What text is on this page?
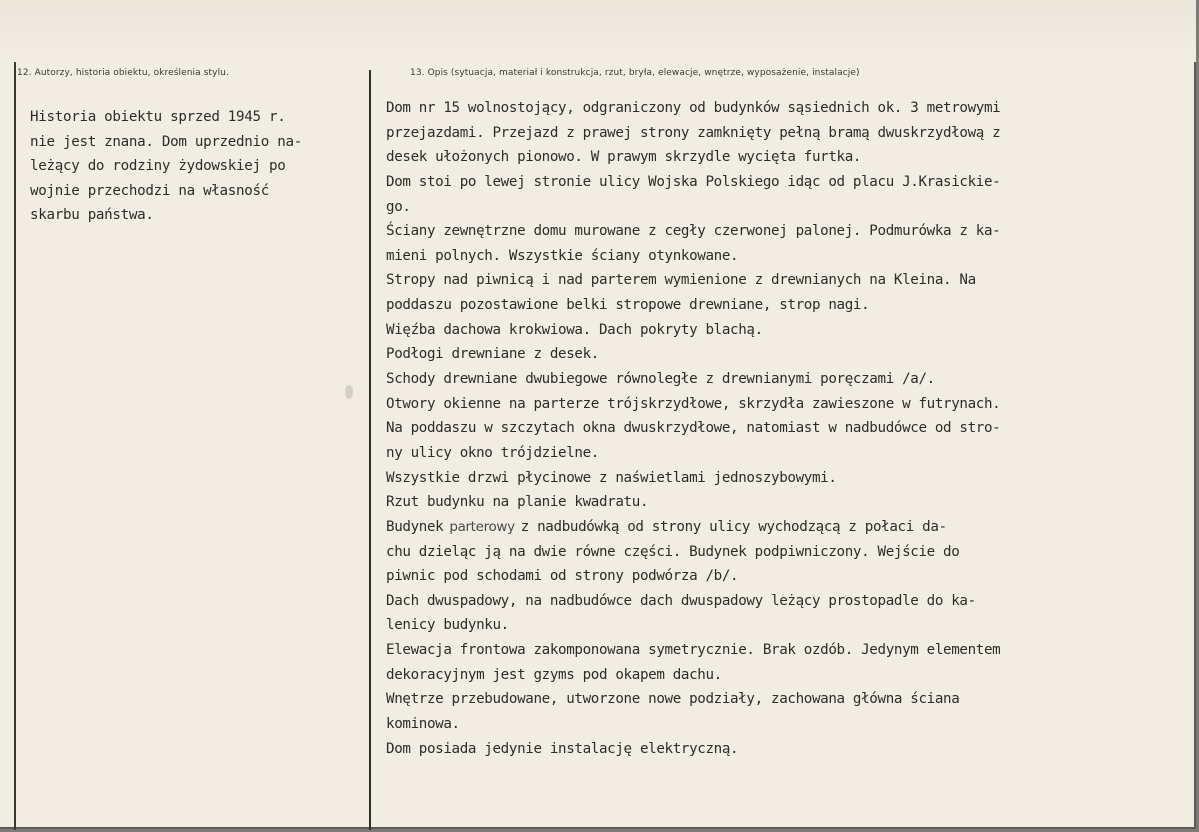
12. Autorzy, historia obiektu, określenia stylu.	13. Opis (sytuacja, materiał i konstrukcja, rzut, bryła, elewacje, wnętrze, wyposażenie, instalacje)
Historia obiektu sprzed 1945 r.
nie jest znana. Dom uprzednio na-
leżący do rodziny żydowskiej po
wojnie przechodzi na własność
skarbu państwa.
Dom nr 15 wolnostojący, odgraniczony od budynków sąsiednich ok. 3 metrowymi
przejazdami. Przejazd z prawej strony zamknięty pełną bramą dwuskrzydłową z
desek ułożonych pionowo. W prawym skrzydle wycięta furtka.
Dom stoi po lewej stronie ulicy Wojska Polskiego idąc od placu J.Krasickie-
go.
Ściany zewnętrzne domu murowane z cegły czerwonej palonej. Podmurówka z ka-
mieni polnych. Wszystkie ściany otynkowane.
Stropy nad piwnicą i nad parterem wymienione z drewnianych na Kleina. Na
poddaszu pozostawione belki stropowe drewniane, strop nagi.
Więźba dachowa krokwiowa. Dach pokryty blachą.
Podłogi drewniane z desek.
Schody drewniane dwubiegowe równoległe z drewnianymi poręczami /a/.
Otwory okienne na parterze trójskrzydłowe, skrzydła zawieszone w futrynach.
Na poddaszu w szczytach okna dwuskrzydłowe, natomiast w nadbudówce od stro-
ny ulicy okno trójdzielne.
Wszystkie drzwi płycinowe z naświetlami jednoszybowymi.
Rzut budynku na planie kwadratu.
Budynek parterowy z nadbudówką od strony ulicy wychodzącą z połaci da-
chu dzieląc ją na dwie równe części. Budynek podpiwniczony. Wejście do
piwnic pod schodami od strony podwórza /b/.
Dach dwuspadowy, na nadbudówce dach dwuspadowy leżący prostopadle do ka-
lenicy budynku.
Elewacja frontowa zakomponowana symetrycznie. Brak ozdób. Jedynym elementem
dekoracyjnym jest gzyms pod okapem dachu.
Wnętrze przebudowane, utworzone nowe podziały, zachowana główna ściana
kominowa.
Dom posiada jedynie instalację elektryczną.
